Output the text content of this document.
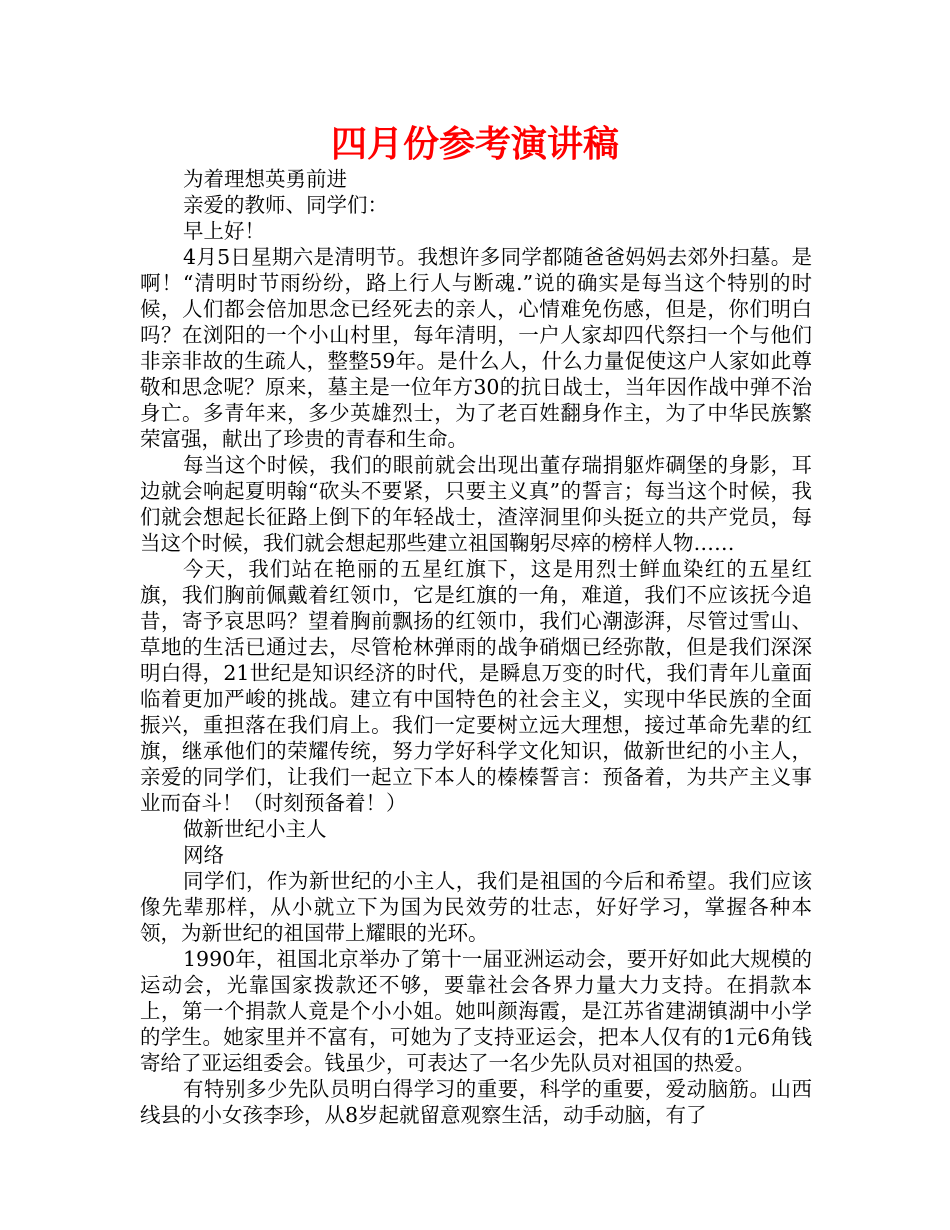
四月份参考演讲稿

为着理想英勇前进

亲爱的教师、同学们：

早上好！

4月5日星期六是清明节。我想许多同学都随爸爸妈妈去郊外扫墓。是啊！“清明时节雨纷纷，路上行人与断魂.”说的确实是每当这个特别的时候，人们都会倍加思念已经死去的亲人，心情难免伤感，但是，你们明白吗？在浏阳的一个小山村里，每年清明，一户人家却四代祭扫一个与他们非亲非故的生疏人，整整59年。是什么人，什么力量促使这户人家如此尊敬和思念呢？原来，墓主是一位年方30的抗日战士，当年因作战中弹不治身亡。多青年来，多少英雄烈士，为了老百姓翻身作主，为了中华民族繁荣富强，献出了珍贵的青春和生命。

每当这个时候，我们的眼前就会出现出董存瑞捐躯炸碉堡的身影，耳边就会响起夏明翰“砍头不要紧，只要主义真”的誓言；每当这个时候，我们就会想起长征路上倒下的年轻战士，渣滓洞里仰头挺立的共产党员，每当这个时候，我们就会想起那些建立祖国鞠躬尽瘁的榜样人物……

今天，我们站在艳丽的五星红旗下，这是用烈士鲜血染红的五星红旗，我们胸前佩戴着红领巾，它是红旗的一角，难道，我们不应该抚今追昔，寄予哀思吗？望着胸前飘扬的红领巾，我们心潮澎湃，尽管过雪山、草地的生活已通过去，尽管枪林弹雨的战争硝烟已经弥散，但是我们深深明白得，21世纪是知识经济的时代，是瞬息万变的时代，我们青年儿童面临着更加严峻的挑战。建立有中国特色的社会主义，实现中华民族的全面振兴，重担落在我们肩上。我们一定要树立远大理想，接过革命先辈的红旗，继承他们的荣耀传统，努力学好科学文化知识，做新世纪的小主人，亲爱的同学们，让我们一起立下本人的榛榛誓言：预备着，为共产主义事业而奋斗！（时刻预备着！）

做新世纪小主人

网络

同学们，作为新世纪的小主人，我们是祖国的今后和希望。我们应该像先辈那样，从小就立下为国为民效劳的壮志，好好学习，掌握各种本领，为新世纪的祖国带上耀眼的光环。

1990年，祖国北京举办了第十一届亚洲运动会，要开好如此大规模的运动会，光靠国家拨款还不够，要靠社会各界力量大力支持。在捐款本上，第一个捐款人竟是个小小姐。她叫颜海霞，是江苏省建湖镇湖中小学的学生。她家里并不富有，可她为了支持亚运会，把本人仅有的1元6角钱寄给了亚运组委会。钱虽少，可表达了一名少先队员对祖国的热爱。

有特别多少先队员明白得学习的重要，科学的重要，爱动脑筋。山西线县的小女孩李珍，从8岁起就留意观察生活，动手动脑，有了
